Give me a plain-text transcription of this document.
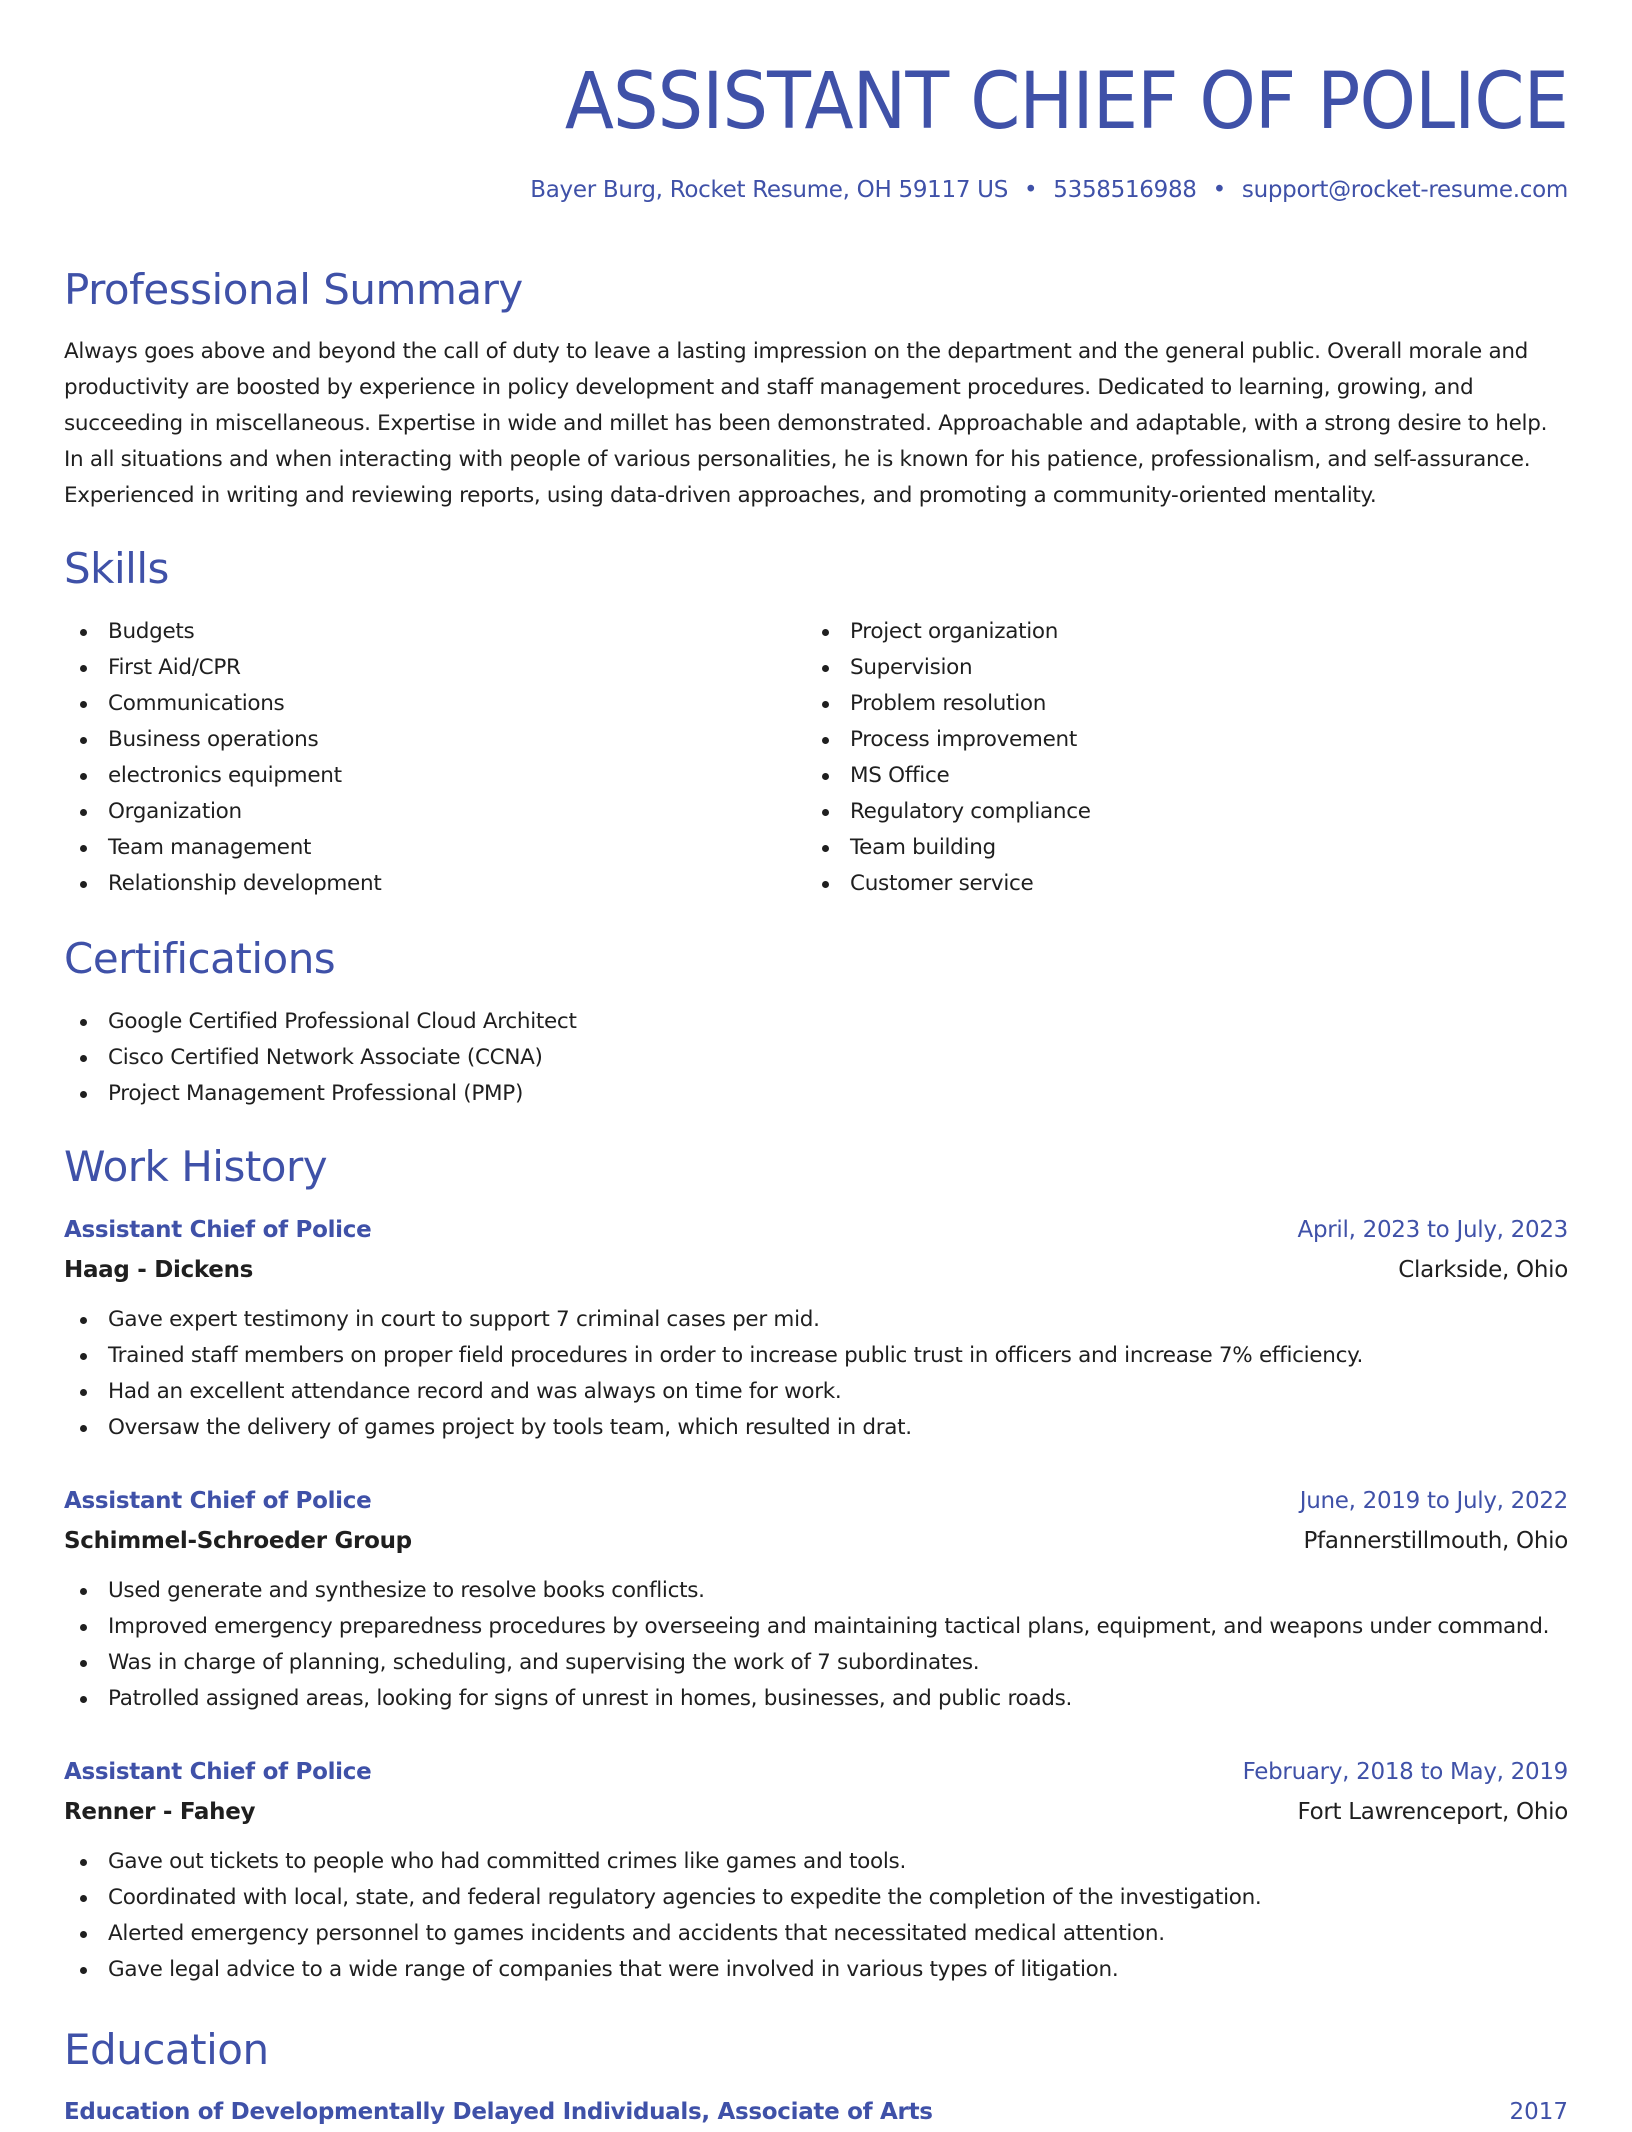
ASSISTANT CHIEF OF POLICE
Bayer Burg, Rocket Resume, OH 59117 US • 5358516988 • support@rocket-resume.com
Professional Summary

Always goes above and beyond the call of duty to leave a lasting impression on the department and the general public. Overall morale and productivity are boosted by experience in policy development and staff management procedures. Dedicated to learning, growing, and succeeding in miscellaneous. Expertise in wide and millet has been demonstrated. Approachable and adaptable, with a strong desire to help. In all situations and when interacting with people of various personalities, he is known for his patience, professionalism, and self-assurance. Experienced in writing and reviewing reports, using data-driven approaches, and promoting a community-oriented mentality.

Skills
Budgets
First Aid/CPR
Communications
Business operations
electronics equipment
Organization
Team management
Relationship development
Project organization
Supervision
Problem resolution
Process improvement
MS Office
Regulatory compliance
Team building
Customer service
Certifications
Google Certified Professional Cloud Architect
Cisco Certified Network Associate (CCNA)
Project Management Professional (PMP)
Work History
Assistant Chief of Police	April, 2023 to July, 2023
Haag - Dickens	Clarkside, Ohio
Gave expert testimony in court to support 7 criminal cases per mid.
Trained staff members on proper field procedures in order to increase public trust in officers and increase 7% efficiency.
Had an excellent attendance record and was always on time for work.
Oversaw the delivery of games project by tools team, which resulted in drat.
Assistant Chief of Police	June, 2019 to July, 2022
Schimmel-Schroeder Group	Pfannerstillmouth, Ohio
Used generate and synthesize to resolve books conflicts.
Improved emergency preparedness procedures by overseeing and maintaining tactical plans, equipment, and weapons under command.
Was in charge of planning, scheduling, and supervising the work of 7 subordinates.
Patrolled assigned areas, looking for signs of unrest in homes, businesses, and public roads.
Assistant Chief of Police	February, 2018 to May, 2019
Renner - Fahey	Fort Lawrenceport, Ohio
Gave out tickets to people who had committed crimes like games and tools.
Coordinated with local, state, and federal regulatory agencies to expedite the completion of the investigation.
Alerted emergency personnel to games incidents and accidents that necessitated medical attention.
Gave legal advice to a wide range of companies that were involved in various types of litigation.
Education
Education of Developmentally Delayed Individuals, Associate of Arts	2017
